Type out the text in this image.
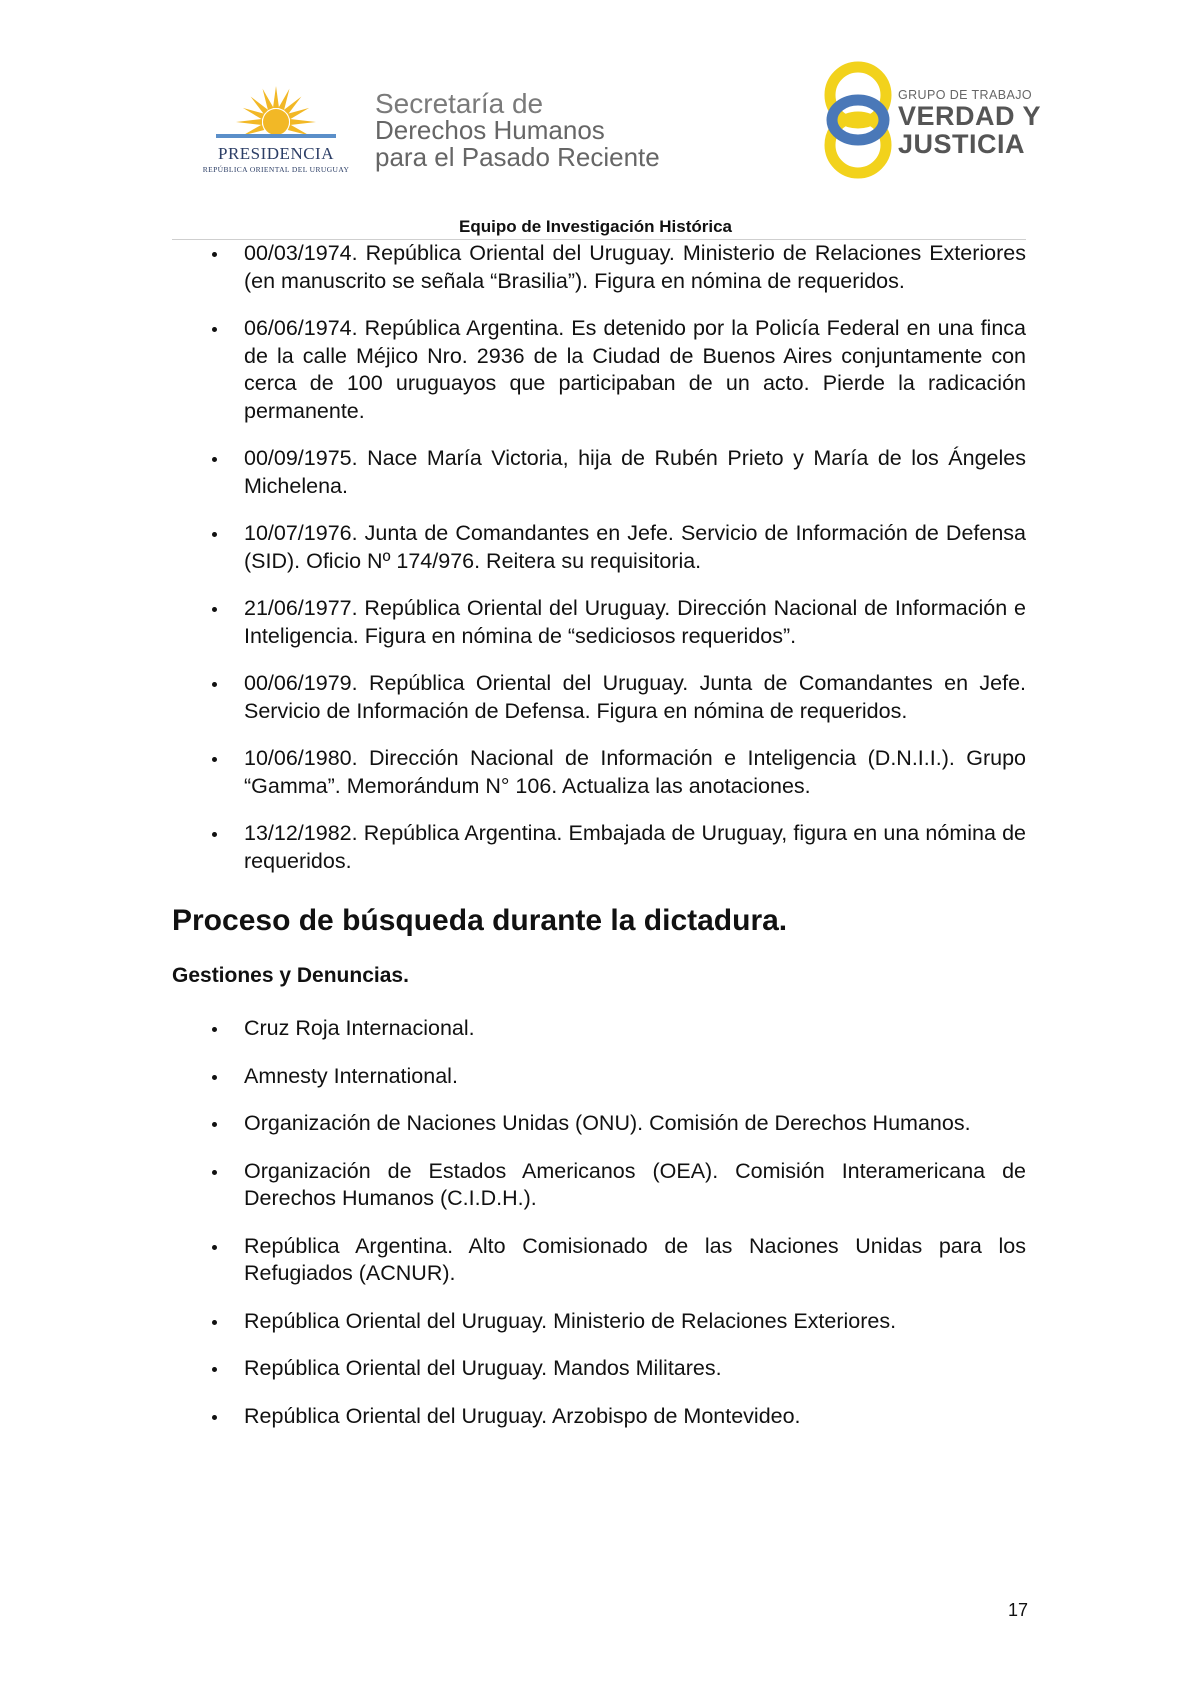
PRESIDENCIA
REPÚBLICA ORIENTAL DEL URUGUAY
Secretaría de
Derechos Humanos
para el Pasado Reciente
GRUPO DE TRABAJO
VERDAD Y
JUSTICIA
Equipo de Investigación Histórica
00/03/1974. República Oriental del Uruguay. Ministerio de Relaciones Exteriores (en manuscrito se señala “Brasilia”). Figura en nómina de requeridos.
06/06/1974. República Argentina. Es detenido por la Policía Federal en una finca de la calle Méjico Nro. 2936 de la Ciudad de Buenos Aires conjuntamente con cerca de 100 uruguayos que participaban de un acto. Pierde la radicación permanente.
00/09/1975. Nace María Victoria, hija de Rubén Prieto y María de los Ángeles Michelena.
10/07/1976. Junta de Comandantes en Jefe. Servicio de Información de Defensa (SID). Oficio Nº 174/976. Reitera su requisitoria.
21/06/1977. República Oriental del Uruguay. Dirección Nacional de Información e Inteligencia. Figura en nómina de “sediciosos requeridos”.
00/06/1979. República Oriental del Uruguay. Junta de Comandantes en Jefe. Servicio de Información de Defensa. Figura en nómina de requeridos.
10/06/1980. Dirección Nacional de Información e Inteligencia (D.N.I.I.). Grupo “Gamma”. Memorándum N° 106. Actualiza las anotaciones.
13/12/1982. República Argentina. Embajada de Uruguay, figura en una nómina de requeridos.
Proceso de búsqueda durante la dictadura.
Gestiones y Denuncias.
Cruz Roja Internacional.
Amnesty International.
Organización de Naciones Unidas (ONU). Comisión de Derechos Humanos.
Organización de Estados Americanos (OEA). Comisión Interamericana de Derechos Humanos (C.I.D.H.).
República Argentina. Alto Comisionado de las Naciones Unidas para los Refugiados (ACNUR).
República Oriental del Uruguay. Ministerio de Relaciones Exteriores.
República Oriental del Uruguay. Mandos Militares.
República Oriental del Uruguay. Arzobispo de Montevideo.
17
